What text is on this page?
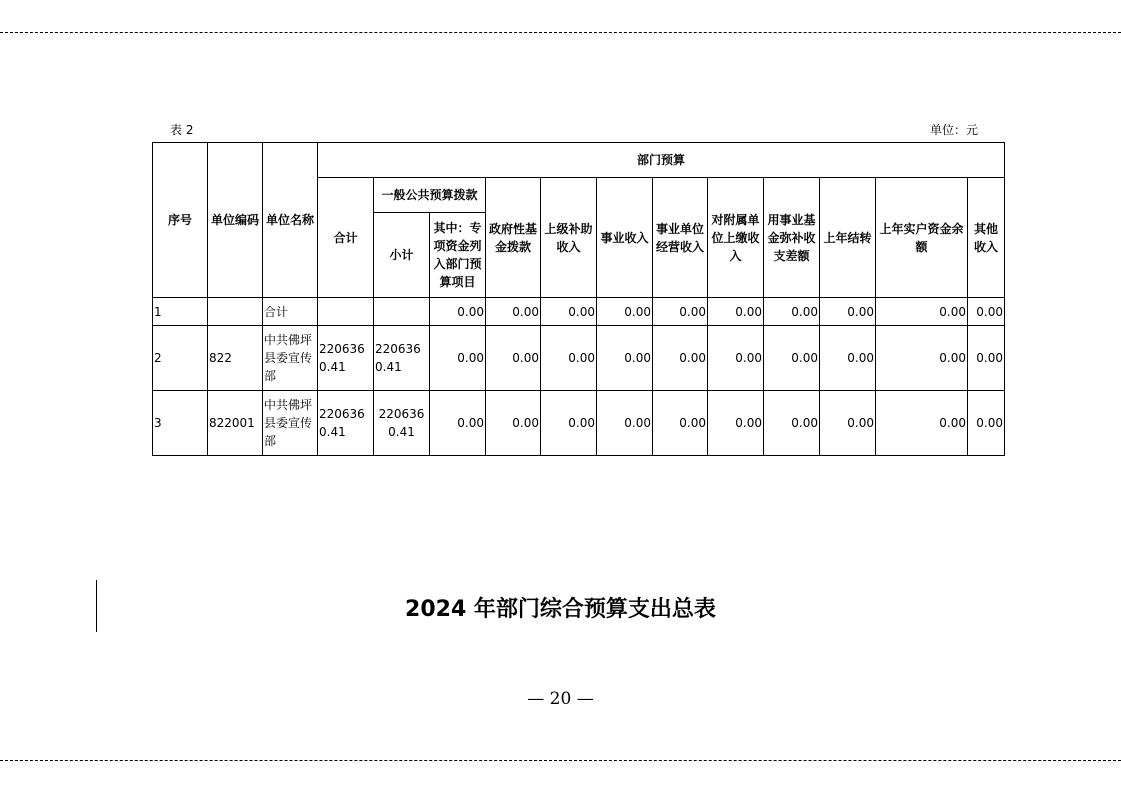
表 2	单位：元
序号	单位编码	单位名称	部门预算											
			合计	一般公共预算拨款		政府性基金拨款	上级补助收入	事业收入	事业单位经营收入	对附属单位上缴收入	用事业基金弥补收支差额	上年结转	上年实户资金余额	其他收入
				小计	其中：专项资金列入部门预算项目									
1		合计			0.00	0.00	0.00	0.00	0.00	0.00	0.00	0.00	0.00	0.00
2	822	中共佛坪县委宣传部	2206360.41	2206360.41	0.00	0.00	0.00	0.00	0.00	0.00	0.00	0.00	0.00	0.00
3	822001	中共佛坪县委宣传部	2206360.41	2206360.41	0.00	0.00	0.00	0.00	0.00	0.00	0.00	0.00	0.00	0.00
2024 年部门综合预算支出总表
— 20 —
